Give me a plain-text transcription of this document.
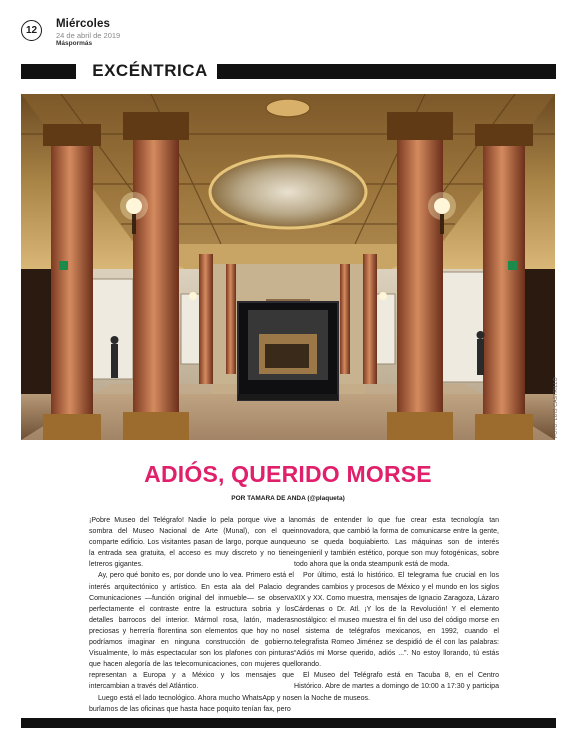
12
Miércoles
24 de abril de 2019
Máspormás
EXCÉNTRICA
FOTO: LUIS CASTRILLO
ADIÓS, QUERIDO MORSE
POR TAMARA DE ANDA (@plaqueta)

¡Pobre Museo del Telégrafo! Nadie lo pela porque vive a la sombra del Museo Nacional de Arte (Munal), con el que comparte edificio. Los visitantes pasan de largo, porque aunque la entrada sea gratuita, el acceso es muy discreto y no tiene letreros gigantes.

Ay, pero qué bonito es, por donde uno lo vea. Primero está el interés arquitectónico y artístico. En esta ala del Palacio de Comunicaciones —función original del inmueble— se observa perfectamente el contraste entre la estructura sobria y los detalles barrocos del interior. Mármol rosa, latón, maderas preciosas y herrería florentina son elementos que hoy no nos podríamos imaginar en ninguna construcción de gobierno. Visualmente, lo más espectacular son los plafones con pinturas que hacen alegoría de las telecomunicaciones, con mujeres que representan a Europa y a México y los mensajes que intercambian a través del Atlántico.

Luego está el lado tecnológico. Ahora mucho WhatsApp y nos burlamos de las oficinas que hasta hace poquito tenían fax, pero

nomás de entender lo que fue crear esta tecnología tan innovadora, que cambió la forma de comunicarse entre la gente, uno se queda boquiabierto. Las máquinas son de interés ingenieril y también estético, porque son muy fotogénicas, sobre todo ahora que la onda steampunk está de moda.

Por último, está lo histórico. El telegrama fue crucial en los grandes cambios y procesos de México y el mundo en los siglos XIX y XX. Como muestra, mensajes de Ignacio Zaragoza, Lázaro Cárdenas o Dr. Atl. ¡Y los de la Revolución! Y el elemento nostálgico: el museo muestra el fin del uso del código morse en el sistema de telégrafos mexicanos, en 1992, cuando el telegrafista Romeo Jiménez se despidió de él con las palabras: “Adiós mi Morse querido, adiós ...”. No estoy llorando, tú estás llorando.

El Museo del Telégrafo está en Tacuba 8, en el Centro Histórico. Abre de martes a domingo de 10:00 a 17:30 y participa en la Noche de museos.
